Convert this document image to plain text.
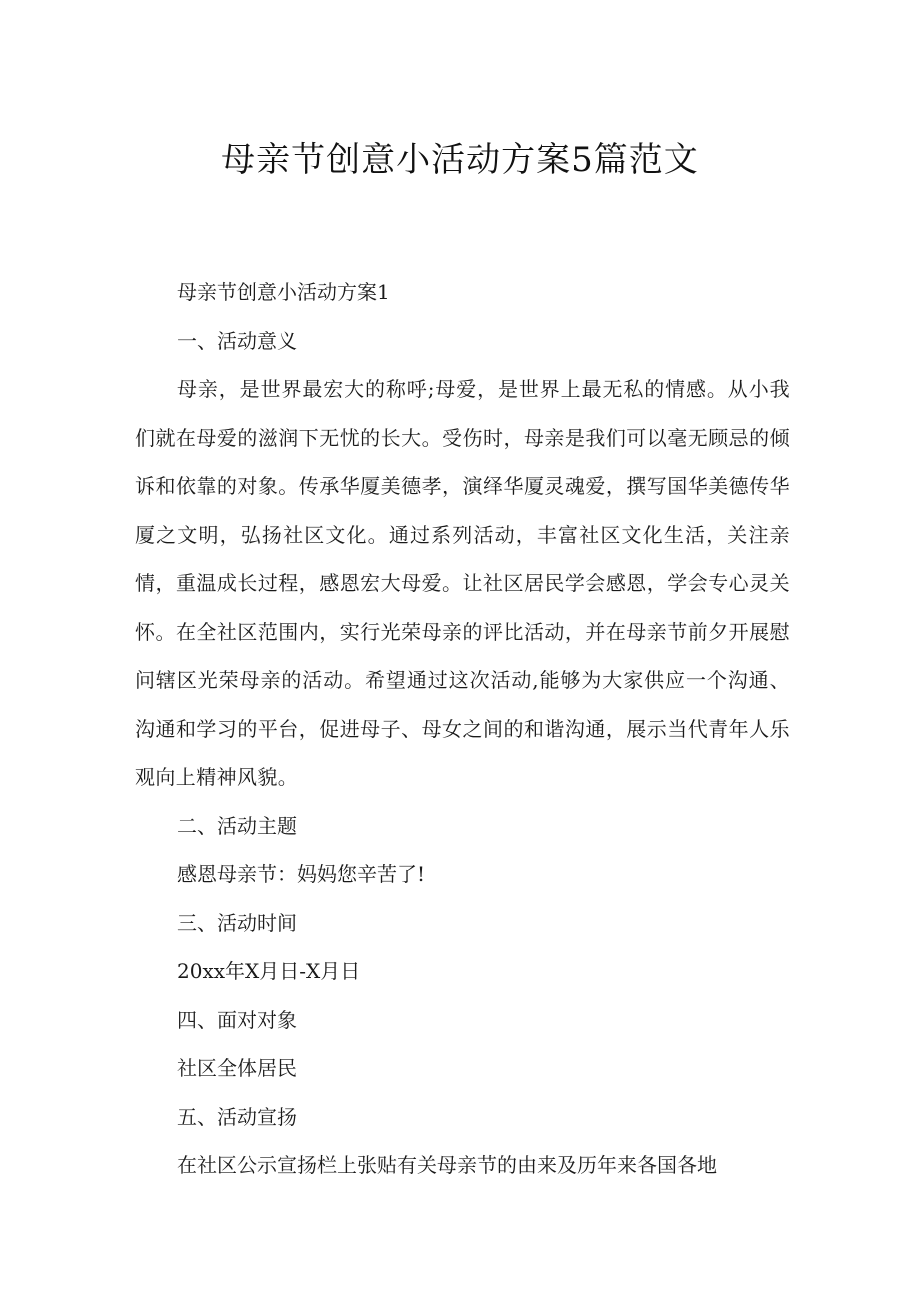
母亲节创意小活动方案5篇范文

母亲节创意小活动方案1

一、活动意义

母亲，是世界最宏大的称呼;母爱，是世界上最无私的情感。从小我们就在母爱的滋润下无忧的长大。受伤时，母亲是我们可以毫无顾忌的倾诉和依靠的对象。传承华厦美德孝，演绎华厦灵魂爱，撰写国华美德传华厦之文明，弘扬社区文化。通过系列活动，丰富社区文化生活，关注亲情，重温成长过程，感恩宏大母爱。让社区居民学会感恩，学会专心灵关怀。在全社区范围内，实行光荣母亲的评比活动，并在母亲节前夕开展慰问辖区光荣母亲的活动。希望通过这次活动,能够为大家供应一个沟通、沟通和学习的平台，促进母子、母女之间的和谐沟通，展示当代青年人乐观向上精神风貌。

二、活动主题

感恩母亲节：妈妈您辛苦了!

三、活动时间

20xx年X月日-X月日

四、面对对象

社区全体居民

五、活动宣扬

在社区公示宣扬栏上张贴有关母亲节的由来及历年来各国各地
